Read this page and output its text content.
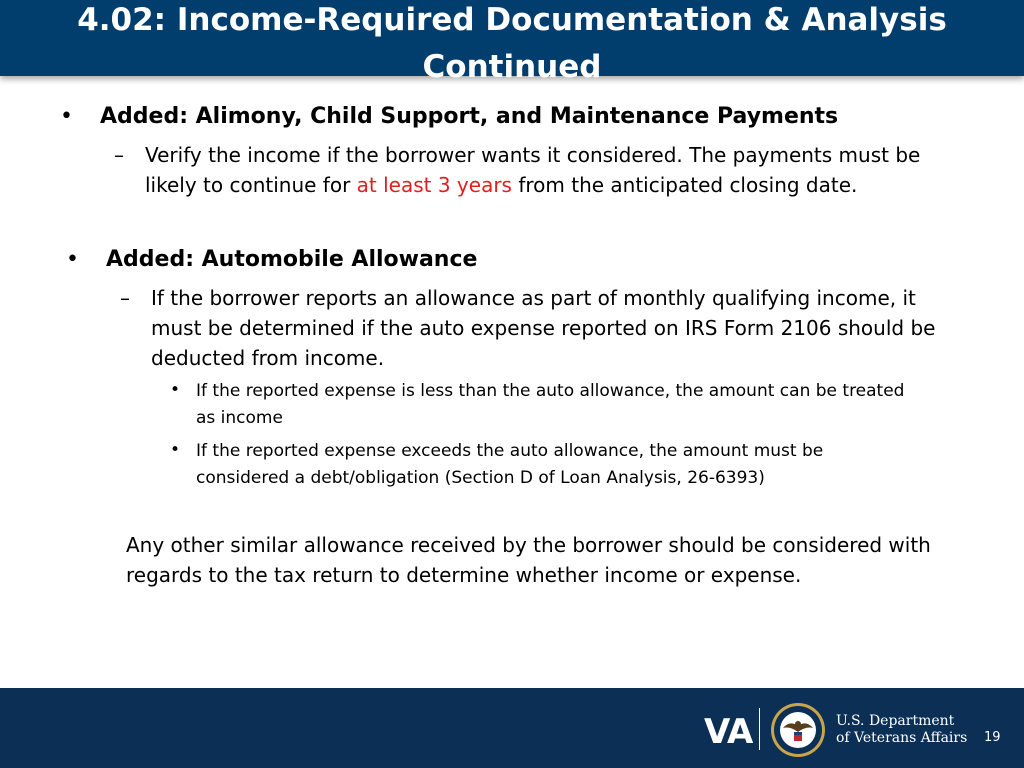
4.02: Income-Required Documentation & Analysis
Continued
• Added: Alimony, Child Support, and Maintenance Payments
– Verify the income if the borrower wants it considered. The payments must be
likely to continue for at least 3 years from the anticipated closing date.
• Added: Automobile Allowance
– If the borrower reports an allowance as part of monthly qualifying income, it
must be determined if the auto expense reported on IRS Form 2106 should be
deducted from income.
• If the reported expense is less than the auto allowance, the amount can be treated
as income
• If the reported expense exceeds the auto allowance, the amount must be
considered a debt/obligation (Section D of Loan Analysis, 26-6393)
Any other similar allowance received by the borrower should be considered with
regards to the tax return to determine whether income or expense.
VA	U.S. Department
of Veterans Affairs 19
